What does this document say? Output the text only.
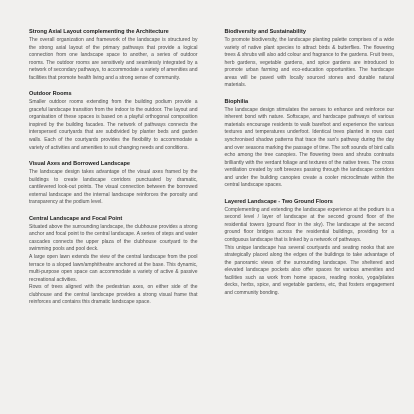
Strong Axial Layout complementing the Architecture

The overall organization and framework of the landscape is structured by the strong axial layout of the primary pathways that provide a logical connection from one landscape space to another, a series of outdoor rooms. The outdoor rooms are sensitively and seamlessly integrated by a network of secondary pathways, to accommodate a variety of amenities and facilities that promote health living and a strong sense of community.

Outdoor Rooms

Smaller outdoor rooms extending from the building podium provide a graceful landscape transition from the indoor to the outdoor. The layout and organisation of these spaces is based on a playful orthogonal composition inspired by the building facades. The network of pathways connects the interspersed courtyards that are subdivided by planter beds and garden walls. Each of the courtyards provides the flexibility to accommodate a variety of activities and amenities to suit changing needs and conditions.

Visual Axes and Borrowed Landscape

The landscape design takes advantage of the visual axes framed by the buildings to create landscape corridors punctuated by dramatic, cantilevered look-out points. The visual connection between the borrowed external landscape and the internal landscape reinforces the porosity and transparency at the podium level.

Central Landscape and Focal Point

Situated above the surrounding landscape, the clubhouse provides a strong anchor and focal point to the central landscape. A series of steps and water cascades connects the upper plaza of the clubhouse courtyard to the swimming pools and pool deck.

A large open lawn extends the view of the central landscape from the pool terrace to a sloped lawn/amphitheatre anchored at the base. This dynamic, multi-purpose open space can accommodate a variety of active & passive recreational activities.

Rows of trees aligned with the pedestrian axes, on either side of the clubhouse and the central landscape provides a strong visual frame that reinforces and contains this dramatic landscape space.

Biodiversity and Sustainability

To promote biodiversity, the landscape planting palette comprises of a wide variety of native plant species to attract birds & butterflies. The flowering trees & shrubs will also add colour and fragrance to the gardens. Fruit trees, herb gardens, vegetable gardens, and spice gardens are introduced to promote urban farming and eco-education opportunities. The hardscape areas will be paved with locally sourced stones and durable natural materials.

Biophilia

The landscape design stimulates the senses to enhance and reinforce our inherent bond with nature. Softscape, and hardscape pathways of various materials encourage residents to walk barefoot and experience the various textures and temperatures underfoot. Identical trees planted in rows cast synchronised shadow patterns that trace the sun's pathway during the day and over seasons marking the passage of time. The soft sounds of bird calls echo among the tree canopies. The flowering trees and shrubs contrasts brilliantly with the verdant foliage and textures of the native trees. The cross ventilation created by soft breezes passing through the landscape corridors and under the building canopies create a cooler microclimate within the central landscape spaces.

Layered Landscape - Two Ground Floors

Complementing and extending the landscape experience at the podium is a second level / layer of landscape at the second ground floor of the residential towers (ground floor in the sky). The landscape at the second ground floor bridges across the residential buildings, providing for a contiguous landscape that is linked by a network of pathways.

This unique landscape has several courtyards and seating nooks that are strategically placed along the edges of the buildings to take advantage of the panoramic views of the surrounding landscape. The sheltered and elevated landscape pockets also offer spaces for various amenities and facilities such as work from home spaces, reading nooks, yoga/pilates decks, herbs, spice, and vegetable gardens, etc, that fosters engagement and community bonding.
